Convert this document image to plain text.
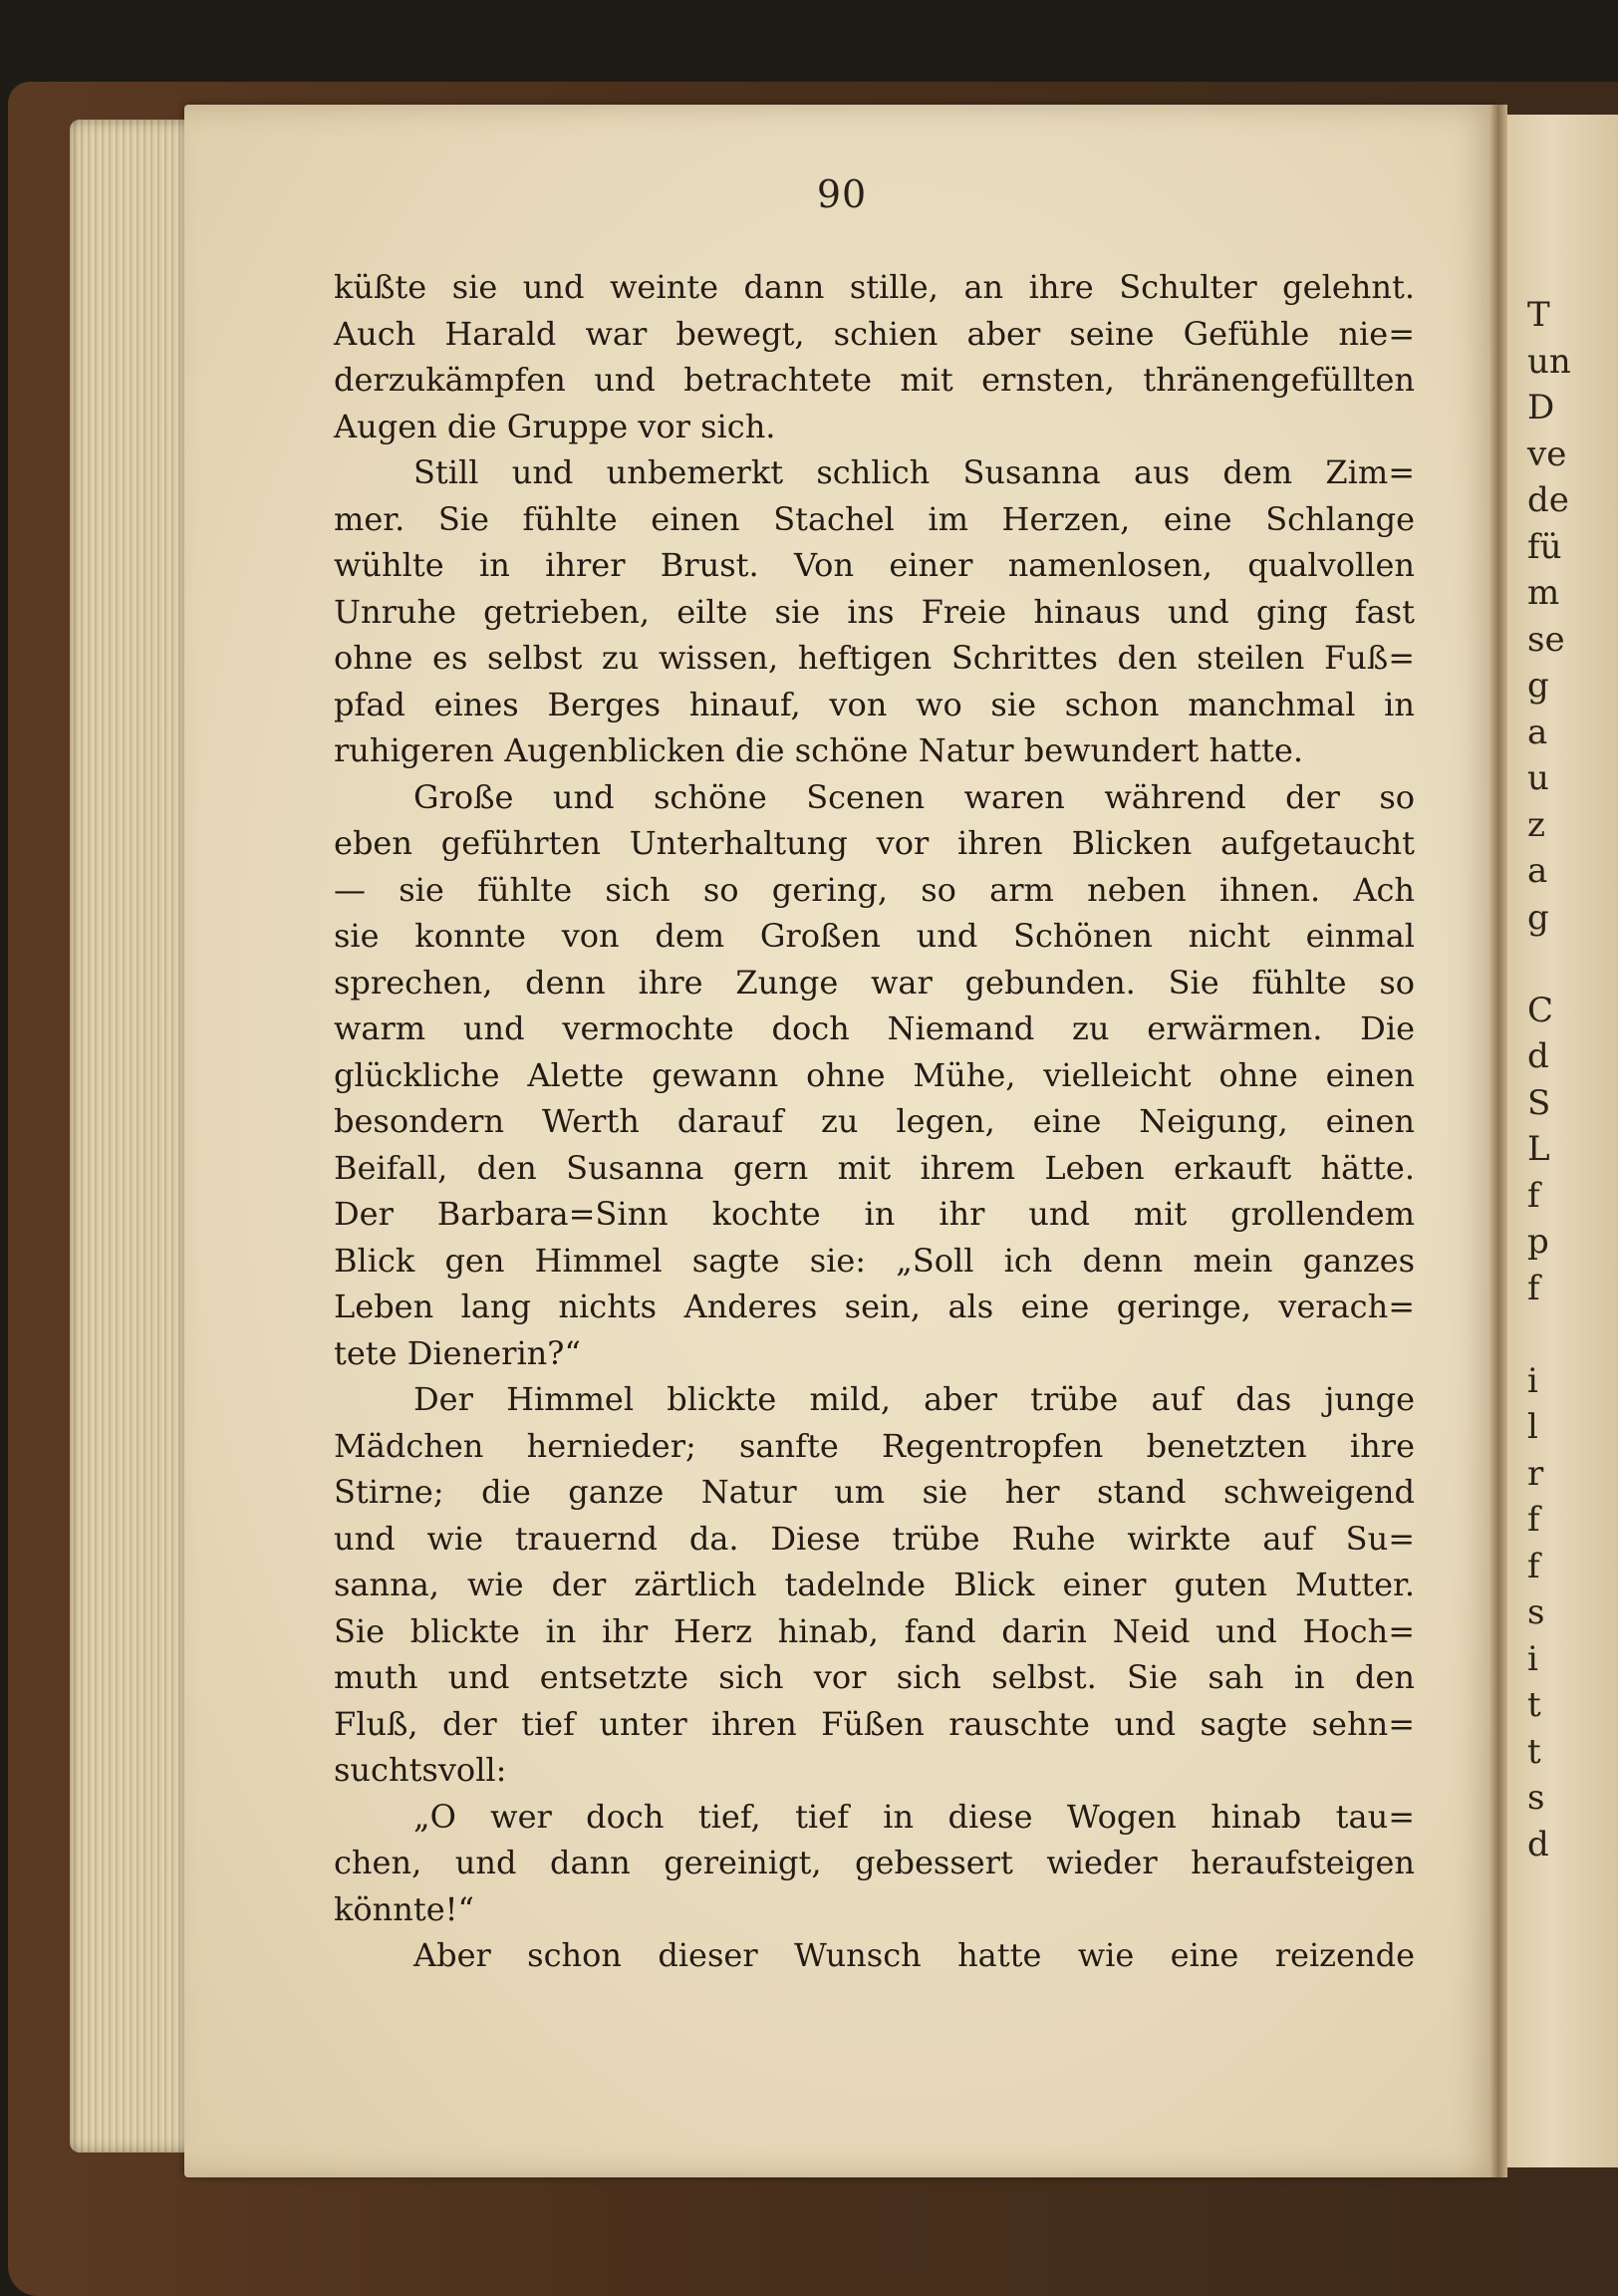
90
küßte sie und weinte dann stille, an ihre Schulter gelehnt.
Auch Harald war bewegt, schien aber seine Gefühle nie=
derzukämpfen und betrachtete mit ernsten, thränengefüllten
Augen die Gruppe vor sich.
Still und unbemerkt schlich Susanna aus dem Zim=
mer. Sie fühlte einen Stachel im Herzen, eine Schlange
wühlte in ihrer Brust. Von einer namenlosen, qualvollen
Unruhe getrieben, eilte sie ins Freie hinaus und ging fast
ohne es selbst zu wissen, heftigen Schrittes den steilen Fuß=
pfad eines Berges hinauf, von wo sie schon manchmal in
ruhigeren Augenblicken die schöne Natur bewundert hatte.
Große und schöne Scenen waren während der so
eben geführten Unterhaltung vor ihren Blicken aufgetaucht
— sie fühlte sich so gering, so arm neben ihnen. Ach
sie konnte von dem Großen und Schönen nicht einmal
sprechen, denn ihre Zunge war gebunden. Sie fühlte so
warm und vermochte doch Niemand zu erwärmen. Die
glückliche Alette gewann ohne Mühe, vielleicht ohne einen
besondern Werth darauf zu legen, eine Neigung, einen
Beifall, den Susanna gern mit ihrem Leben erkauft hätte.
Der Barbara=Sinn kochte in ihr und mit grollendem
Blick gen Himmel sagte sie: „Soll ich denn mein ganzes
Leben lang nichts Anderes sein, als eine geringe, verach=
tete Dienerin?“
Der Himmel blickte mild, aber trübe auf das junge
Mädchen hernieder; sanfte Regentropfen benetzten ihre
Stirne; die ganze Natur um sie her stand schweigend
und wie trauernd da. Diese trübe Ruhe wirkte auf Su=
sanna, wie der zärtlich tadelnde Blick einer guten Mutter.
Sie blickte in ihr Herz hinab, fand darin Neid und Hoch=
muth und entsetzte sich vor sich selbst. Sie sah in den
Fluß, der tief unter ihren Füßen rauschte und sagte sehn=
suchtsvoll:
„O wer doch tief, tief in diese Wogen hinab tau=
chen, und dann gereinigt, gebessert wieder heraufsteigen
könnte!“
Aber schon dieser Wunsch hatte wie eine reizende
T
un
D
ve
de
fü
m
se
g
a
u
z
a
g
C
d
S
L
f
p
f
i
l
r
f
f
s
i
t
t
s
d
